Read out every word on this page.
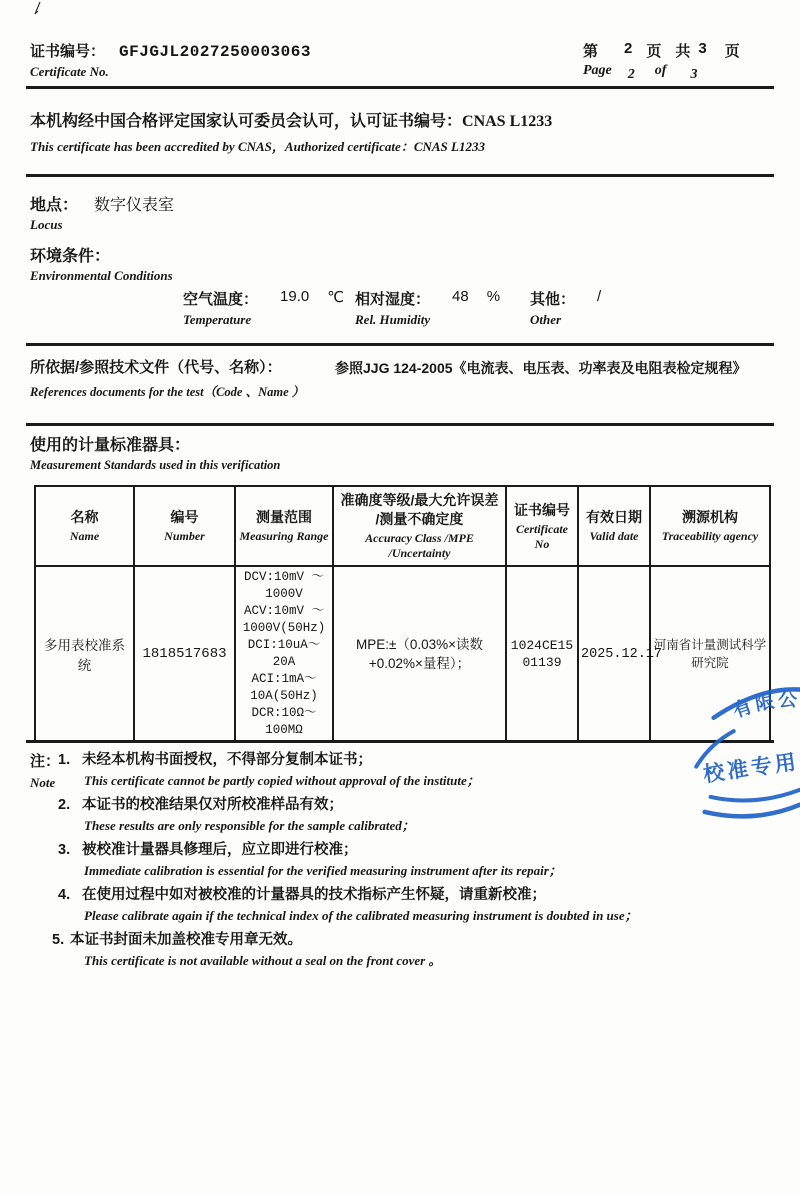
证书编号： GFJGJL2027250003063
Certificate No.
第 2 页 共 3 页
Page 2 of 3
本机构经中国合格评定国家认可委员会认可，认可证书编号：CNAS L1233
This certificate has been accredited by CNAS，Authorized certificate：CNAS L1233
地点： 数字仪表室
Locus
环境条件：
Environmental Conditions
空气温度： 19.0 ℃
Temperature
相对湿度： 48 %
Rel. Humidity
其他： /
Other
所依据/参照技术文件（代号、名称）：
References documents for the test（Code 、Name ）
参照JJG 124-2005《电流表、电压表、功率表及电阻表检定规程》
使用的计量标准器具：
Measurement Standards used in this verification
名称
Name	编号
Number	测量范围
Measuring Range	准确度等级/最大允许误差
/测量不确定度
Accuracy Class /MPE /Uncertainty	证书编号
Certificate No	有效日期
Valid date	溯源机构
Traceability agency

多用表校准系统	1818517683	DCV:10mV ～
1000V
ACV:10mV ～
1000V(50Hz)
DCI:10uA～ 20A
ACI:1mA～
10A(50Hz)
DCR:10Ω～100MΩ	MPE:±（0.03%×读数+0.02%×量程）；	1024CE1501139	2025.12.17	河南省计量测试科学研究院
注：
Note
1. 未经本机构书面授权，不得部分复制本证书；
This certificate cannot be partly copied without approval of the institute；
2. 本证书的校准结果仅对所校准样品有效；
These results are only responsible for the sample calibrated；
3. 被校准计量器具修理后，应立即进行校准；
Immediate calibration is essential for the verified measuring instrument after its repair；
4. 在使用过程中如对被校准的计量器具的技术指标产生怀疑，请重新校准；
Please calibrate again if the technical index of the calibrated measuring instrument is doubted in use；
5. 本证书封面未加盖校准专用章无效。
This certificate is not available without a seal on the front cover 。
有限公
校准专用
